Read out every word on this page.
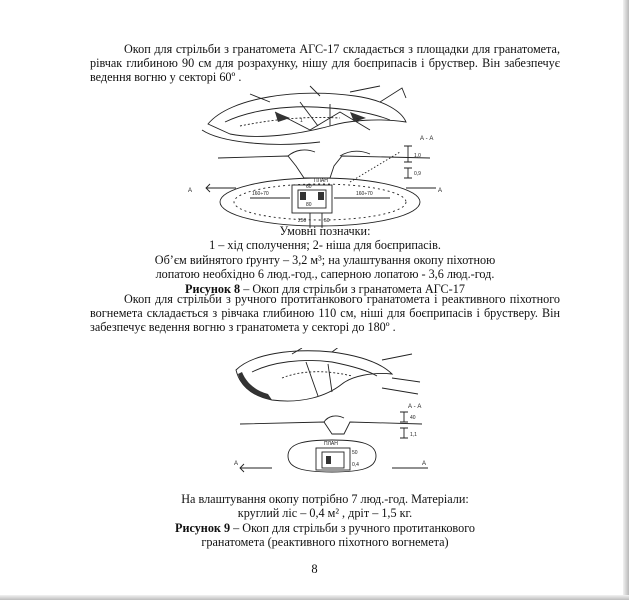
Окоп для стрільби з гранатомета АГС-17 складається з площадки для гранатомета, рівчак глибиною 90 см для розрахунку, нішу для боєприпасів і бруствер. Він забезпечує ведення вогню у секторі 60º .
А - А
ПЛАН
А	А
160÷70	160÷70
60
80
250	50
1,0
0,9
1	2
Умовні позначки:
1 – хід сполучення; 2- ніша для боєприпасів.
Об’єм вийнятого ґрунту – 3,2 м³; на улаштування окопу піхотною
лопатою необхідно 6 люд.-год., саперною лопатою - 3,6 люд.-год.
Рисунок 8 – Окоп для стрільби з гранатомета АГС-17
Окоп для стрільби з ручного протитанкового гранатомета і реактивного піхотного вогнемета складається з рівчака глибиною 110 см, ніші для боєприпасів і брустверу. Він забезпечує ведення вогню з гранатомета у секторі до 180º .
А - А
ПЛАН
А	А
40
1,1
50
0,4
На влаштування окопу потрібно 7 люд.-год. Матеріали:
круглий ліс – 0,4 м² , дріт – 1,5 кг.
Рисунок 9 – Окоп для стрільби з ручного протитанкового
гранатомета (реактивного піхотного вогнемета)
8
